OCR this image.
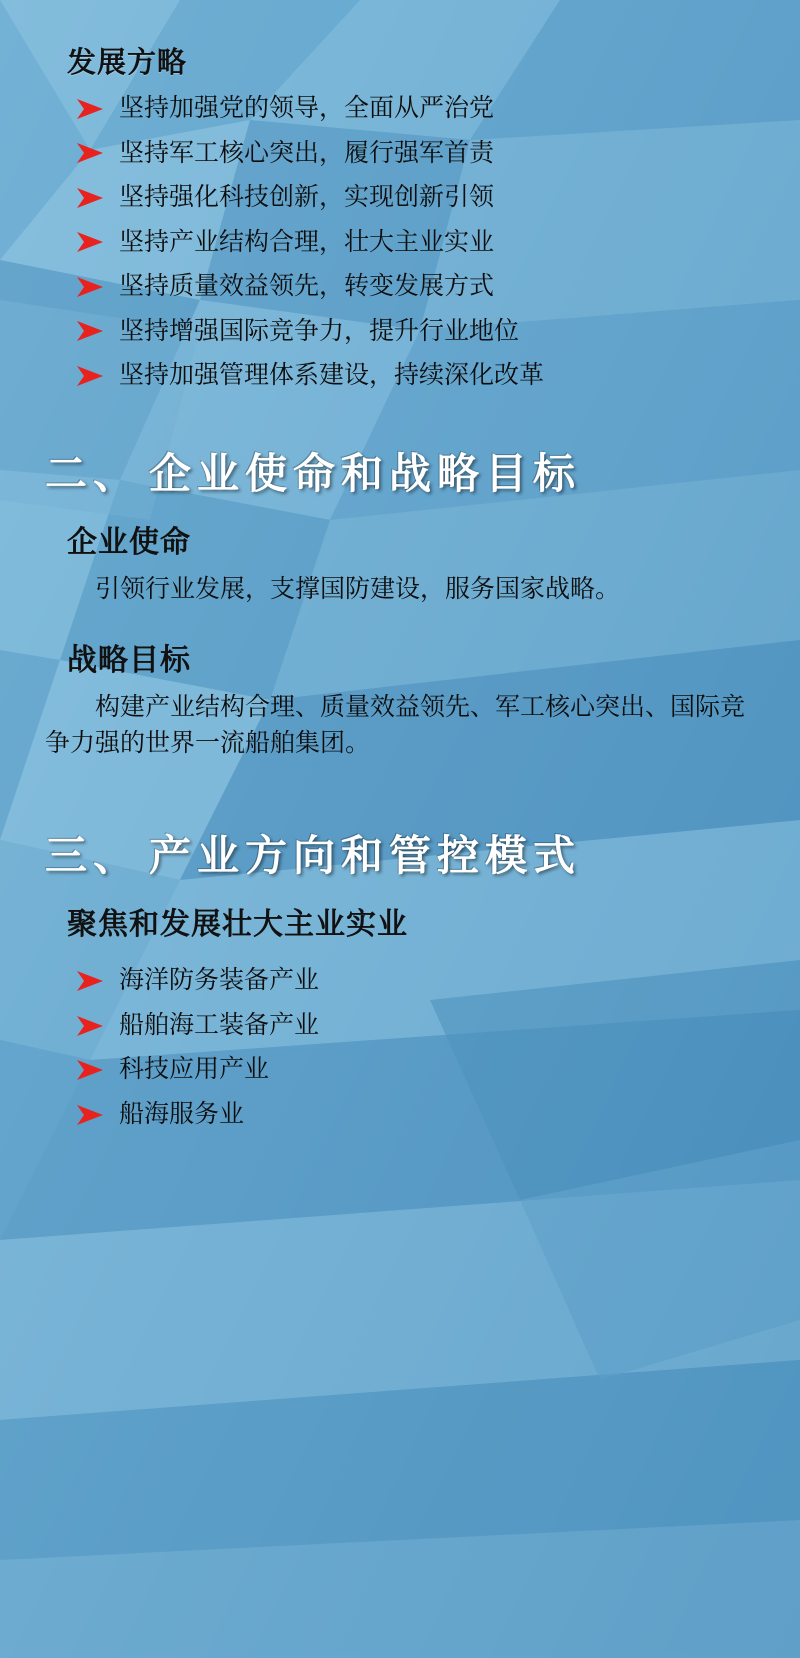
发展方略
坚持加强党的领导，全面从严治党
坚持军工核心突出，履行强军首责
坚持强化科技创新，实现创新引领
坚持产业结构合理，壮大主业实业
坚持质量效益领先，转变发展方式
坚持增强国际竞争力，提升行业地位
坚持加强管理体系建设，持续深化改革
二、 企业使命和战略目标
企业使命

引领行业发展，支撑国防建设，服务国家战略。

战略目标

构建产业结构合理、质量效益领先、军工核心突出、国际竞争力强的世界一流船舶集团。

三、 产业方向和管控模式
聚焦和发展壮大主业实业
海洋防务装备产业
船舶海工装备产业
科技应用产业
船海服务业
